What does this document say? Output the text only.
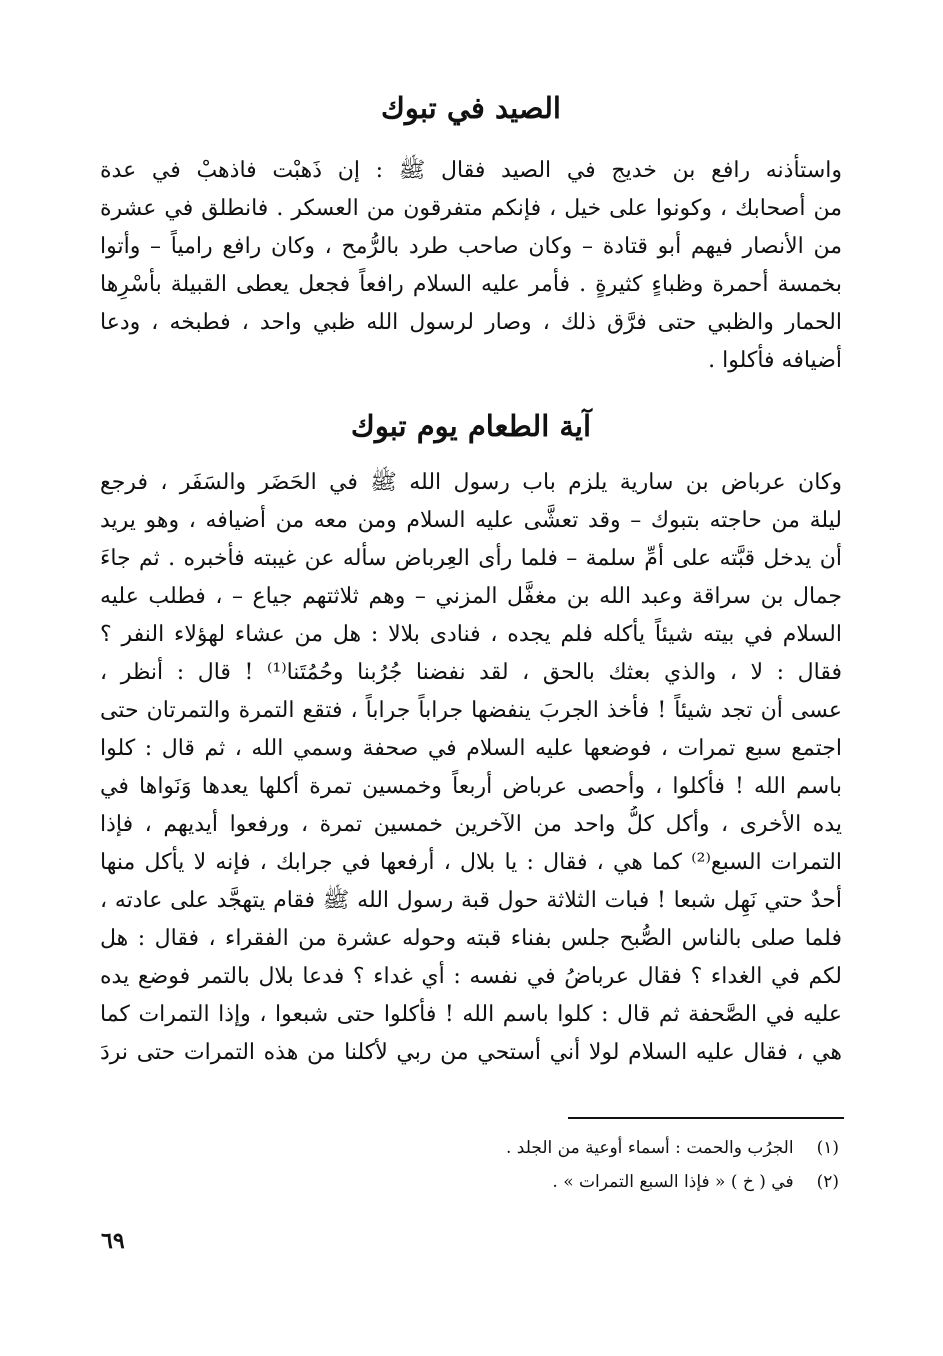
الصيد في تبوك
واستأذنه رافع بن خديج في الصيد فقال ﷺ : إن ذَهبْت فاذهبْ في عدة
من أصحابك ، وكونوا على خيل ، فإنكم متفرقون من العسكر . فانطلق في عشرة
من الأنصار فيهم أبو قتادة – وكان صاحب طرد بالرُّمح ، وكان رافع رامياً – وأتوا
بخمسة أحمرة وظباءٍ كثيرةٍ . فأمر عليه السلام رافعاً فجعل يعطى القبيلة بأسْرِها
الحمار والظبي حتى فرَّق ذلك ، وصار لرسول الله ظبي واحد ، فطبخه ، ودعا
أضيافه فأكلوا .
آية الطعام يوم تبوك
وكان عرباض بن سارية يلزم باب رسول الله ﷺ في الحَضَر والسَفَر ، فرجع
ليلة من حاجته بتبوك – وقد تعشَّى عليه السلام ومن معه من أضيافه ، وهو يريد
أن يدخل قبَّته على أمِّ سلمة – فلما رأى العِرباض سأله عن غيبته فأخبره . ثم جاءَ
جمال بن سراقة وعبد الله بن مغفَّل المزني – وهم ثلاثتهم جياع – ، فطلب عليه
السلام في بيته شيئاً يأكله فلم يجده ، فنادى بلالا : هل من عشاء لهؤلاء النفر ؟
فقال : لا ، والذي بعثك بالحق ، لقد نفضنا جُرُبنا وحُمُتَنا⁽¹⁾ ! قال : أنظر ،
عسى أن تجد شيئاً ! فأخذ الجربَ ينفضها جراباً جراباً ، فتقع التمرة والتمرتان حتى
اجتمع سبع تمرات ، فوضعها عليه السلام في صحفة وسمي الله ، ثم قال : كلوا
باسم الله ! فأكلوا ، وأحصى عرباض أربعاً وخمسين تمرة أكلها يعدها وَنَواها في
يده الأخرى ، وأكل كلُّ واحد من الآخرين خمسين تمرة ، ورفعوا أيديهم ، فإذا
التمرات السبع⁽²⁾ كما هي ، فقال : يا بلال ، أرفعها في جرابك ، فإنه لا يأكل منها
أحدٌ حتي نَهِل شبعا ! فبات الثلاثة حول قبة رسول الله ﷺ فقام يتهجَّد على عادته ،
فلما صلى بالناس الصُّبح جلس بفناء قبته وحوله عشرة من الفقراء ، فقال : هل
لكم في الغداء ؟ فقال عرباضُ في نفسه : أي غداء ؟ فدعا بلال بالتمر فوضع يده
عليه في الصَّحفة ثم قال : كلوا باسم الله ! فأكلوا حتى شبعوا ، وإذا التمرات كما
هي ، فقال عليه السلام لولا أني أستحي من ربي لأكلنا من هذه التمرات حتى نردَ
(١) الجرُب والحمت : أسماء أوعية من الجلد .
(٢) في ( خ ) « فإذا السبع التمرات » .
٦٩
